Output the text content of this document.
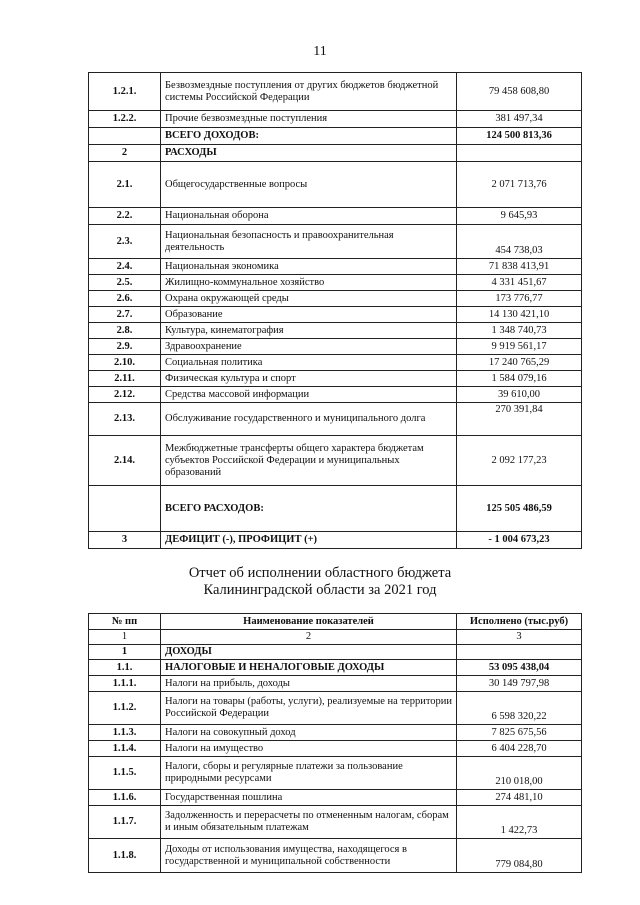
11
1.2.1.	Безвозмездные поступления от других бюджетов бюджетной системы Российской Федерации	79 458 608,80
1.2.2.	Прочие безвозмездные поступления	381 497,34
	ВСЕГО ДОХОДОВ:	124 500 813,36
2	РАСХОДЫ	
2.1.	Общегосударственные вопросы	2 071 713,76
2.2.	Национальная оборона	9 645,93
2.3.	Национальная безопасность и правоохранительная деятельность	454 738,03
2.4.	Национальная экономика	71 838 413,91
2.5.	Жилищно-коммунальное хозяйство	4 331 451,67
2.6.	Охрана окружающей среды	173 776,77
2.7.	Образование	14 130 421,10
2.8.	Культура, кинематография	1 348 740,73
2.9.	Здравоохранение	9 919 561,17
2.10.	Социальная политика	17 240 765,29
2.11.	Физическая культура и спорт	1 584 079,16
2.12.	Средства массовой информации	39 610,00
2.13.	Обслуживание государственного и муниципального долга	270 391,84
2.14.	Межбюджетные трансферты общего характера бюджетам субъектов Российской Федерации и муниципальных образований	2 092 177,23
	ВСЕГО РАСХОДОВ:	125 505 486,59
3	ДЕФИЦИТ (-), ПРОФИЦИТ (+)	- 1 004 673,23
Отчет об исполнении областного бюджета
Калининградской области за 2021 год
№ пп	Наименование показателей	Исполнено (тыс.руб)
1	2	3
1	ДОХОДЫ	
1.1.	НАЛОГОВЫЕ И НЕНАЛОГОВЫЕ ДОХОДЫ	53 095 438,04
1.1.1.	Налоги на прибыль, доходы	30 149 797,98
1.1.2.	Налоги на товары (работы, услуги), реализуемые на территории Российской Федерации	6 598 320,22
1.1.3.	Налоги на совокупный доход	7 825 675,56
1.1.4.	Налоги на имущество	6 404 228,70
1.1.5.	Налоги, сборы и регулярные платежи за пользование природными ресурсами	210 018,00
1.1.6.	Государственная пошлина	274 481,10
1.1.7.	Задолженность и перерасчеты по отмененным налогам, сборам и иным обязательным платежам	1 422,73
1.1.8.	Доходы от использования имущества, находящегося в государственной и муниципальной собственности	779 084,80
